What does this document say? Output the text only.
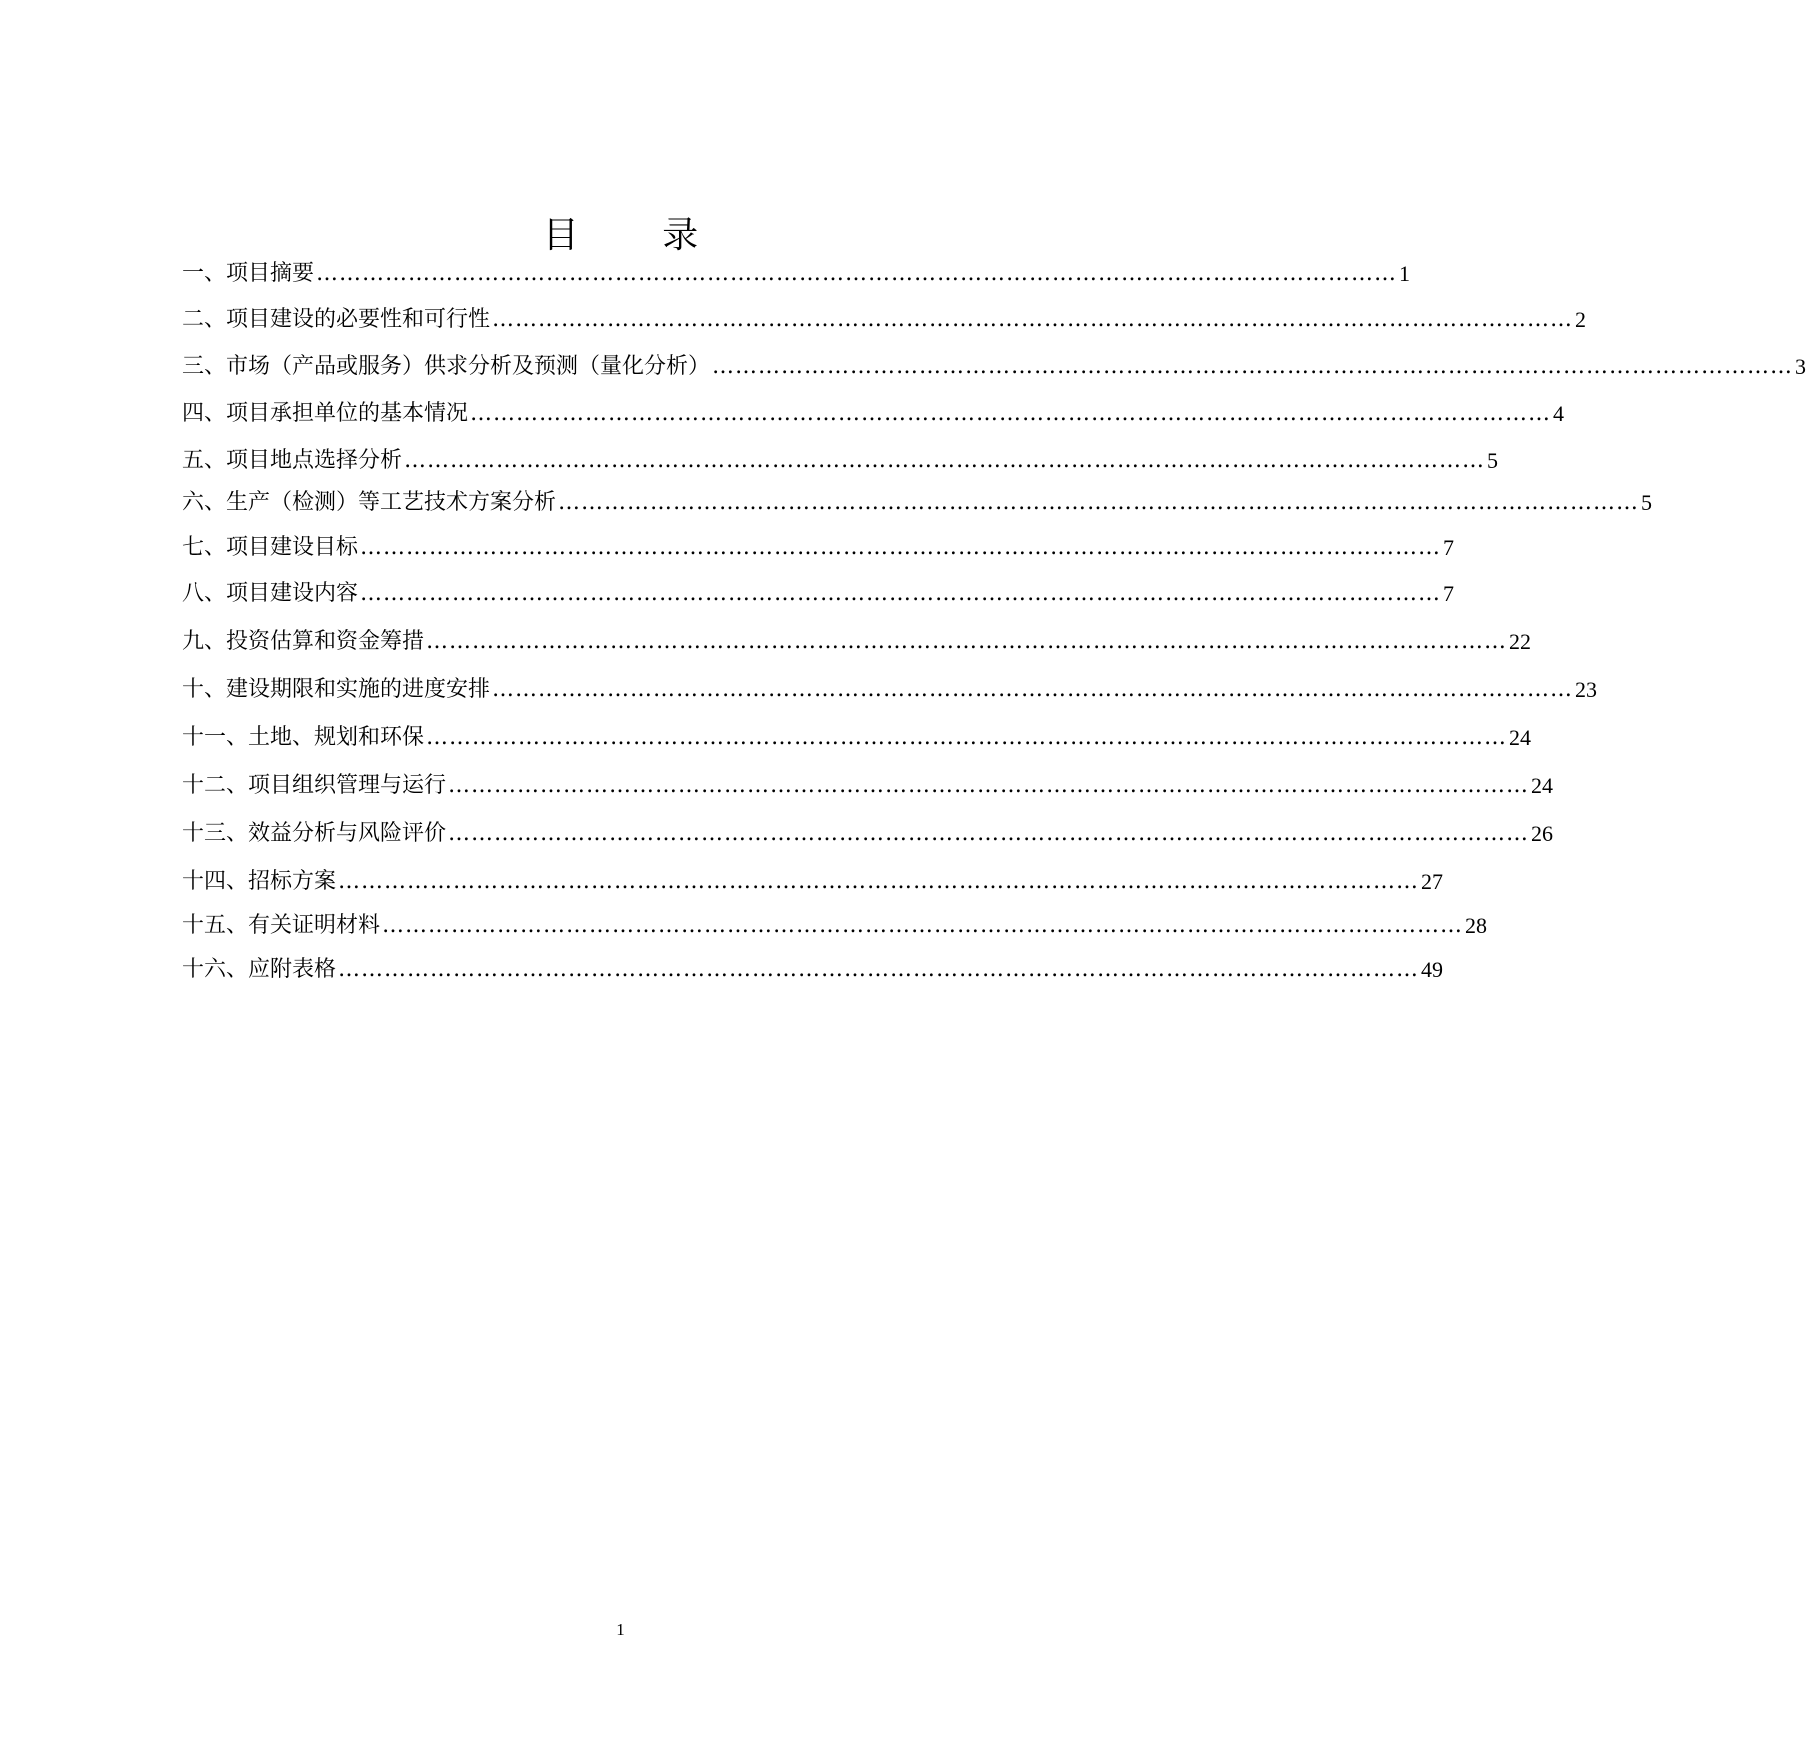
目 录
一、项目摘要 …………………………………………………………………………………………………………………………… 1
二、项目建设的必要性和可行性 …………………………………………………………………………………………………………………………… 2
三、市场（产品或服务）供求分析及预测（量化分析） …………………………………………………………………………………………………………………………… 3
四、项目承担单位的基本情况 …………………………………………………………………………………………………………………………… 4
五、项目地点选择分析 …………………………………………………………………………………………………………………………… 5
六、生产（检测）等工艺技术方案分析 …………………………………………………………………………………………………………………………… 5
七、项目建设目标 …………………………………………………………………………………………………………………………… 7
八、项目建设内容 …………………………………………………………………………………………………………………………… 7
九、投资估算和资金筹措 …………………………………………………………………………………………………………………………… 22
十、建设期限和实施的进度安排 …………………………………………………………………………………………………………………………… 23
十一、土地、规划和环保 …………………………………………………………………………………………………………………………… 24
十二、项目组织管理与运行 …………………………………………………………………………………………………………………………… 24
十三、效益分析与风险评价 …………………………………………………………………………………………………………………………… 26
十四、招标方案 …………………………………………………………………………………………………………………………… 27
十五、有关证明材料 …………………………………………………………………………………………………………………………… 28
十六、应附表格 …………………………………………………………………………………………………………………………… 49
1
